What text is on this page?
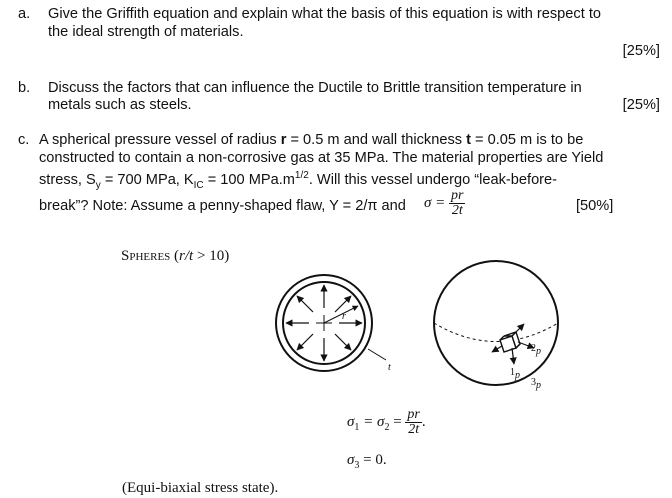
a. Give the Griffith equation and explain what the basis of this equation is with respect to
the ideal strength of materials.
[25%]
b. Discuss the factors that can influence the Ductile to Brittle transition temperature in
metals such as steels.	[25%]
c. A spherical pressure vessel of radius r = 0.5 m and wall thickness t = 0.05 m is to be
constructed to contain a non-corrosive gas at 35 MPa. The material properties are Yield
stress, $S_y = 700$ MPa, $K_{IC} = 100$ $MPa.m^{1/2}$. Will this vessel undergo “leak-before-
break”? Note: Assume a penny-shaped flaw, Y = 2/π and $\sigma = \frac{pr}{2t}$	[50%]
Spheres (r/t > 10)
r
t
$2_p$
$1_p$
$3_p$
$\sigma_1 = \sigma_2 = \frac{pr}{2t}$ .
$\sigma_3 = 0$.
(Equi-biaxial stress state).
